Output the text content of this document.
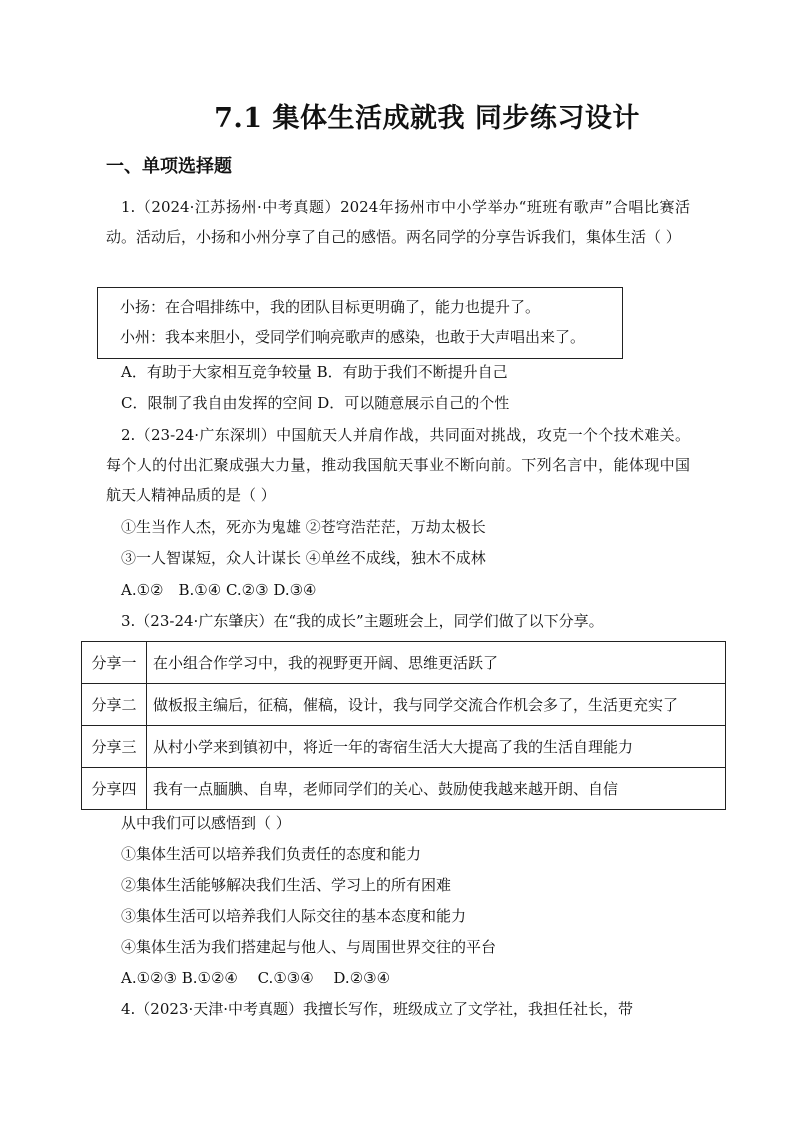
7.1 集体生活成就我 同步练习设计
一、单项选择题
1.（2024·江苏扬州·中考真题）2024年扬州市中小学举办“班班有歌声”合唱比赛活动。活动后，小扬和小州分享了自己的感悟。两名同学的分享告诉我们，集体生活（ ）
小扬：在合唱排练中，我的团队目标更明确了，能力也提升了。
小州：我本来胆小，受同学们响亮歌声的感染，也敢于大声唱出来了。
A．有助于大家相互竞争较量 B．有助于我们不断提升自己
C．限制了我自由发挥的空间 D．可以随意展示自己的个性
2.（23-24·广东深圳）中国航天人并肩作战，共同面对挑战，攻克一个个技术难关。每个人的付出汇聚成强大力量，推动我国航天事业不断向前。下列名言中，能体现中国航天人精神品质的是（ ）
①生当作人杰，死亦为鬼雄 ②苍穹浩茫茫，万劫太极长
③一人智谋短，众人计谋长 ④单丝不成线，独木不成林
A.①②　B.①④ C.②③ D.③④
3.（23-24·广东肇庆）在“我的成长”主题班会上，同学们做了以下分享。
分享一	在小组合作学习中，我的视野更开阔、思维更活跃了
分享二	做板报主编后，征稿，催稿，设计，我与同学交流合作机会多了，生活更充实了
分享三	从村小学来到镇初中，将近一年的寄宿生活大大提高了我的生活自理能力
分享四	我有一点腼腆、自卑，老师同学们的关心、鼓励使我越来越开朗、自信
从中我们可以感悟到（ ）
①集体生活可以培养我们负责任的态度和能力
②集体生活能够解决我们生活、学习上的所有困难
③集体生活可以培养我们人际交往的基本态度和能力
④集体生活为我们搭建起与他人、与周围世界交往的平台
A.①②③ B.①②④　 C.①③④　 D.②③④
4.（2023·天津·中考真题）我擅长写作，班级成立了文学社，我担任社长，带
